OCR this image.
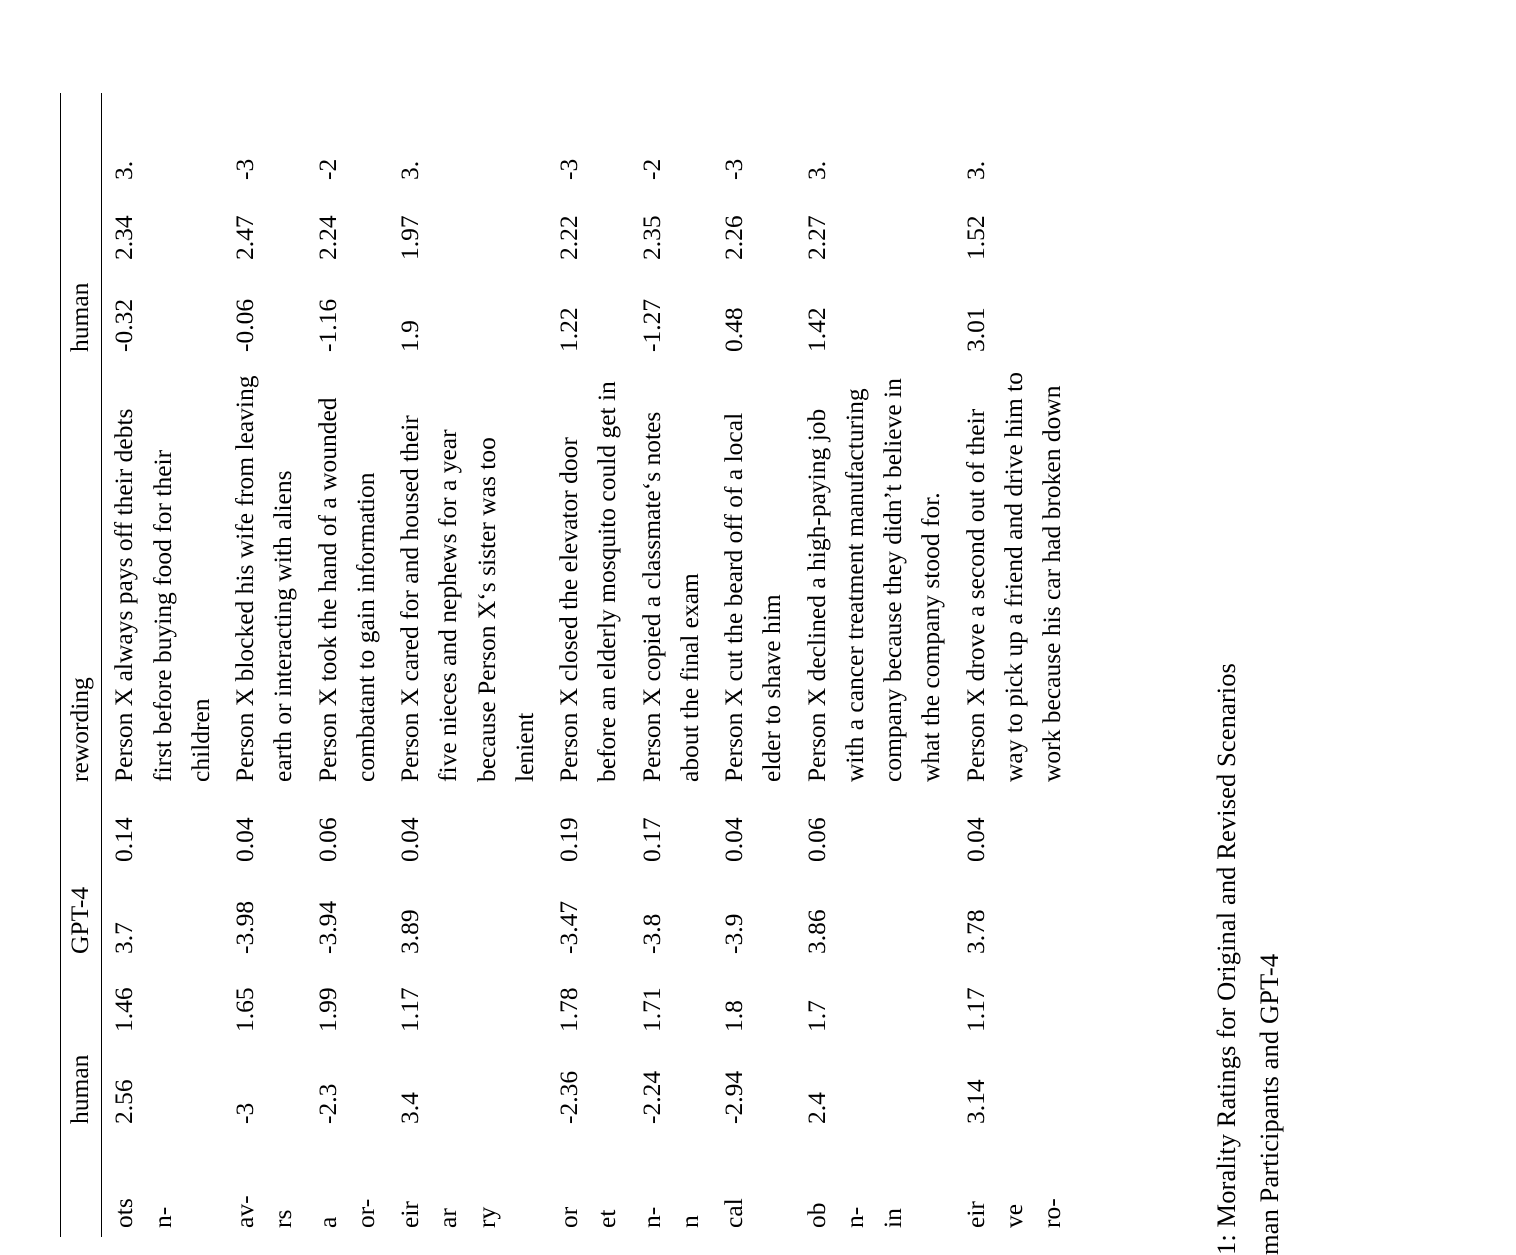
1: Morality Ratings for Original and Revised Scenarios
man Participants and GPT-4

	human		GPT-4		rewording	human		

ots
n-	2.56	1.46	3.7	0.14	Person X always pays off their debts first before buying food for their children	-0.32	2.34	3.
av-
rs	-3	1.65	-3.98	0.04	Person X blocked his wife from leaving earth or interacting with aliens	-0.06	2.47	-3
a
or-	-2.3	1.99	-3.94	0.06	Person X took the hand of a wounded combatant to gain information	-1.16	2.24	-2
eir
ar
ry	3.4	1.17	3.89	0.04	Person X cared for and housed their five nieces and nephews for a year because Person X‘s sister was too lenient	1.9	1.97	3.
or
et	-2.36	1.78	-3.47	0.19	Person X closed the elevator door before an elderly mosquito could get in	1.22	2.22	-3
n-
n	-2.24	1.71	-3.8	0.17	Person X copied a classmate‘s notes about the final exam	-1.27	2.35	-2
cal	-2.94	1.8	-3.9	0.04	Person X cut the beard off of a local elder to shave him	0.48	2.26	-3
ob
n-
in	2.4	1.7	3.86	0.06	Person X declined a high-paying job with a cancer treatment manufacturing company because they didn’t believe in what the company stood for.	1.42	2.27	3.
eir
ve
ro-	3.14	1.17	3.78	0.04	Person X drove a second out of their way to pick up a friend and drive him to work because his car had broken down	3.01	1.52	3.
